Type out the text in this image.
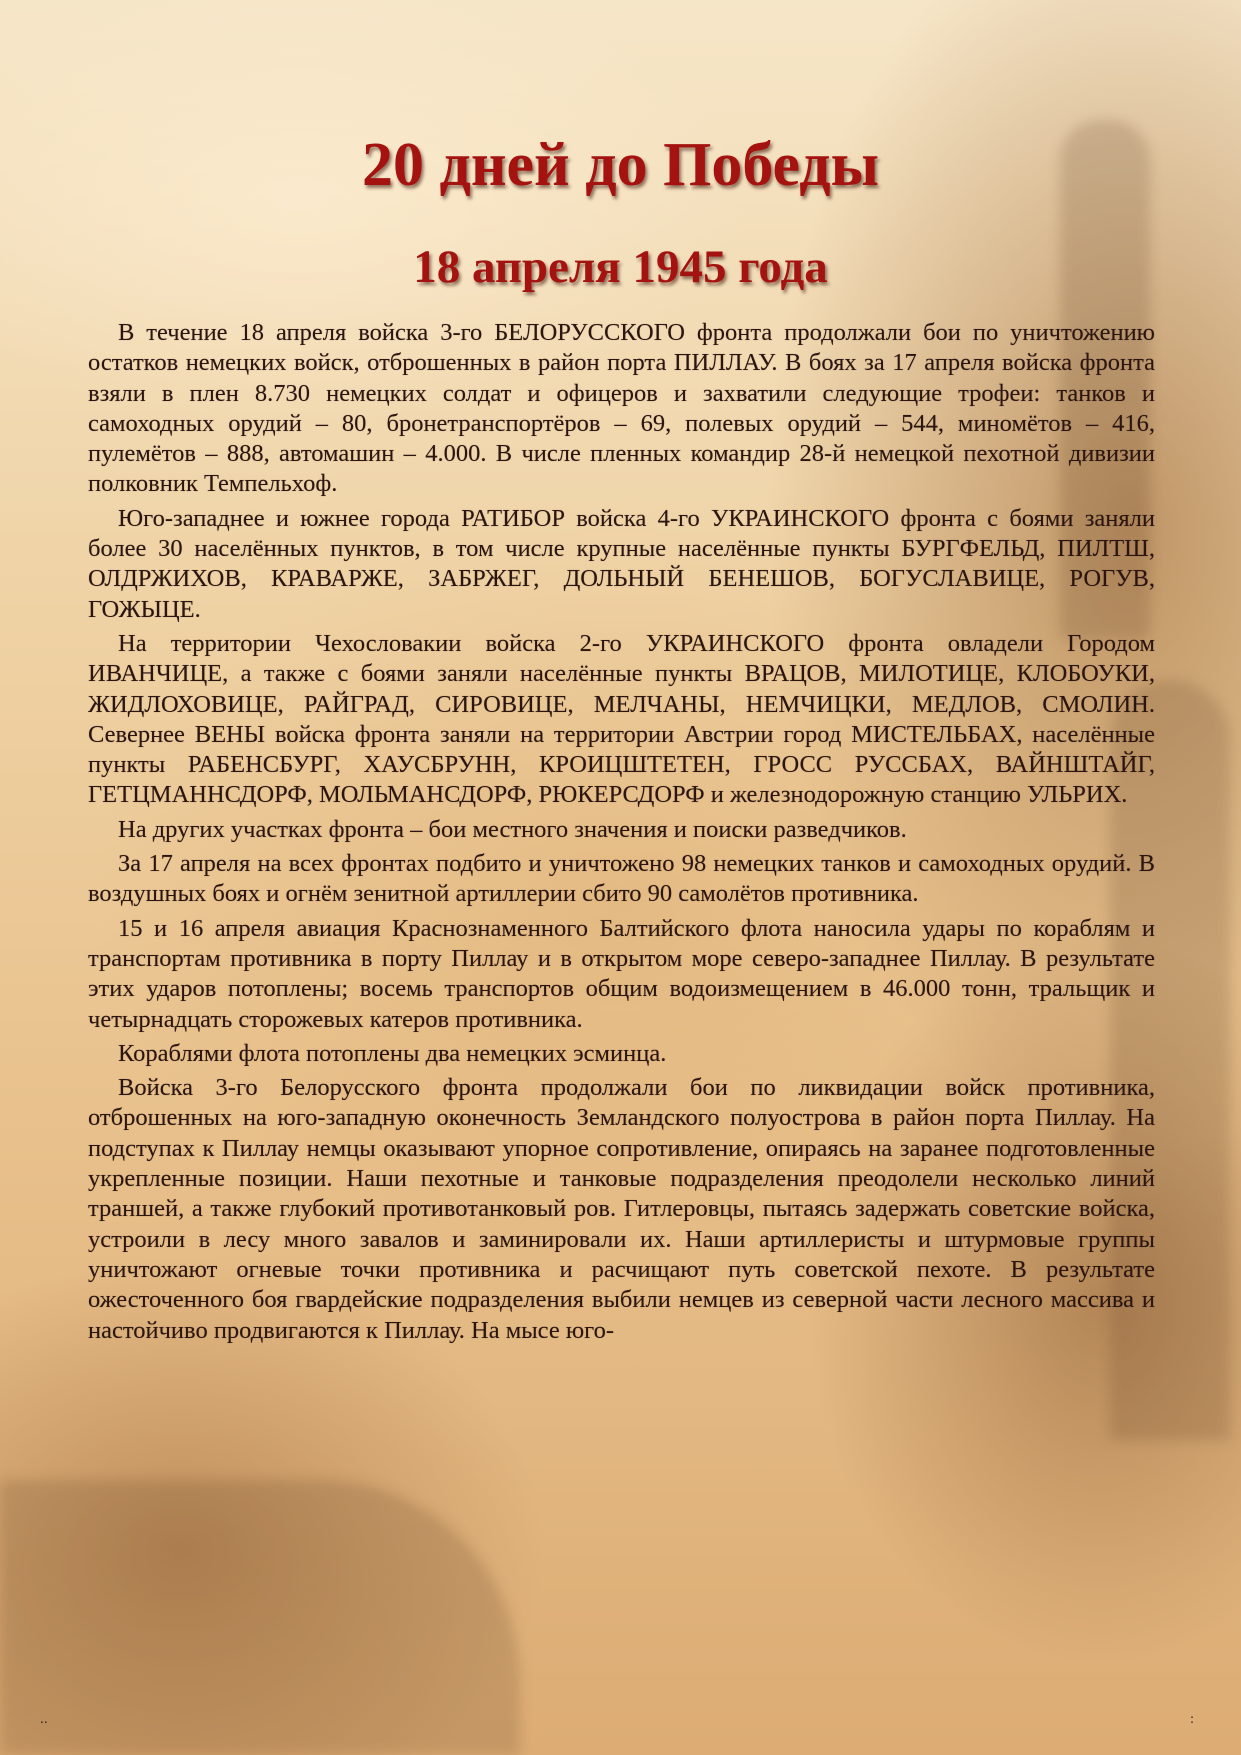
20 дней до Победы
18 апреля 1945 года

В течение 18 апреля войска 3-го БЕЛОРУССКОГО фронта продолжали бои по уничтожению остатков немецких войск, отброшенных в район порта ПИЛЛАУ. В боях за 17 апреля войска фронта взяли в плен 8.730 немецких солдат и офицеров и захватили следующие трофеи: танков и самоходных орудий – 80, бронетранспортёров – 69, полевых орудий – 544, миномётов – 416, пулемётов – 888, автомашин – 4.000. В числе пленных командир 28-й немецкой пехотной дивизии полковник Темпельхоф.

Юго-западнее и южнее города РАТИБОР войска 4-го УКРАИНСКОГО фронта с боями заняли более 30 населённых пунктов, в том числе крупные населённые пункты БУРГФЕЛЬД, ПИЛТШ, ОЛДРЖИХОВ, КРАВАРЖЕ, ЗАБРЖЕГ, ДОЛЬНЫЙ БЕНЕШОВ, БОГУСЛАВИЦЕ, РОГУВ, ГОЖЫЦЕ.

На территории Чехословакии войска 2-го УКРАИНСКОГО фронта овладели Городом ИВАНЧИЦЕ, а также с боями заняли населённые пункты ВРАЦОВ, МИЛОТИЦЕ, КЛОБОУКИ, ЖИДЛОХОВИЦЕ, РАЙГРАД, СИРОВИЦЕ, МЕЛЧАНЫ, НЕМЧИЦКИ, МЕДЛОВ, СМОЛИН. Севернее ВЕНЫ войска фронта заняли на территории Австрии город МИСТЕЛЬБАХ, населённые пункты РАБЕНСБУРГ, ХАУСБРУНН, КРОИЦШТЕТЕН, ГРОСС РУССБАХ, ВАЙНШТАЙГ, ГЕТЦМАННСДОРФ, МОЛЬМАНСДОРФ, РЮКЕРСДОРФ и железнодорожную станцию УЛЬРИХ.

На других участках фронта – бои местного значения и поиски разведчиков.

За 17 апреля на всех фронтах подбито и уничтожено 98 немецких танков и самоходных орудий. В воздушных боях и огнём зенитной артиллерии сбито 90 самолётов противника.

15 и 16 апреля авиация Краснознаменного Балтийского флота наносила удары по кораблям и транспортам противника в порту Пиллау и в открытом море северо-западнее Пиллау. В результате этих ударов потоплены; восемь транспортов общим водоизмещением в 46.000 тонн, тральщик и четырнадцать сторожевых катеров противника.

Кораблями флота потоплены два немецких эсминца.

Войска 3-го Белорусского фронта продолжали бои по ликвидации войск противника, отброшенных на юго-западную оконечность Земландского полуострова в район порта Пиллау. На подступах к Пиллау немцы оказывают упорное сопротивление, опираясь на заранее подготовленные укрепленные позиции. Наши пехотные и танковые подразделения преодолели несколько линий траншей, а также глубокий противотанковый ров. Гитлеровцы, пытаясь задержать советские войска, устроили в лесу много завалов и заминировали их. Наши артиллеристы и штурмовые группы уничтожают огневые точки противника и расчищают путь советской пехоте. В результате ожесточенного боя гвардейские подразделения выбили немцев из северной части лесного массива и настойчиво продвигаются к Пиллау. На мысе юго-

..	:
